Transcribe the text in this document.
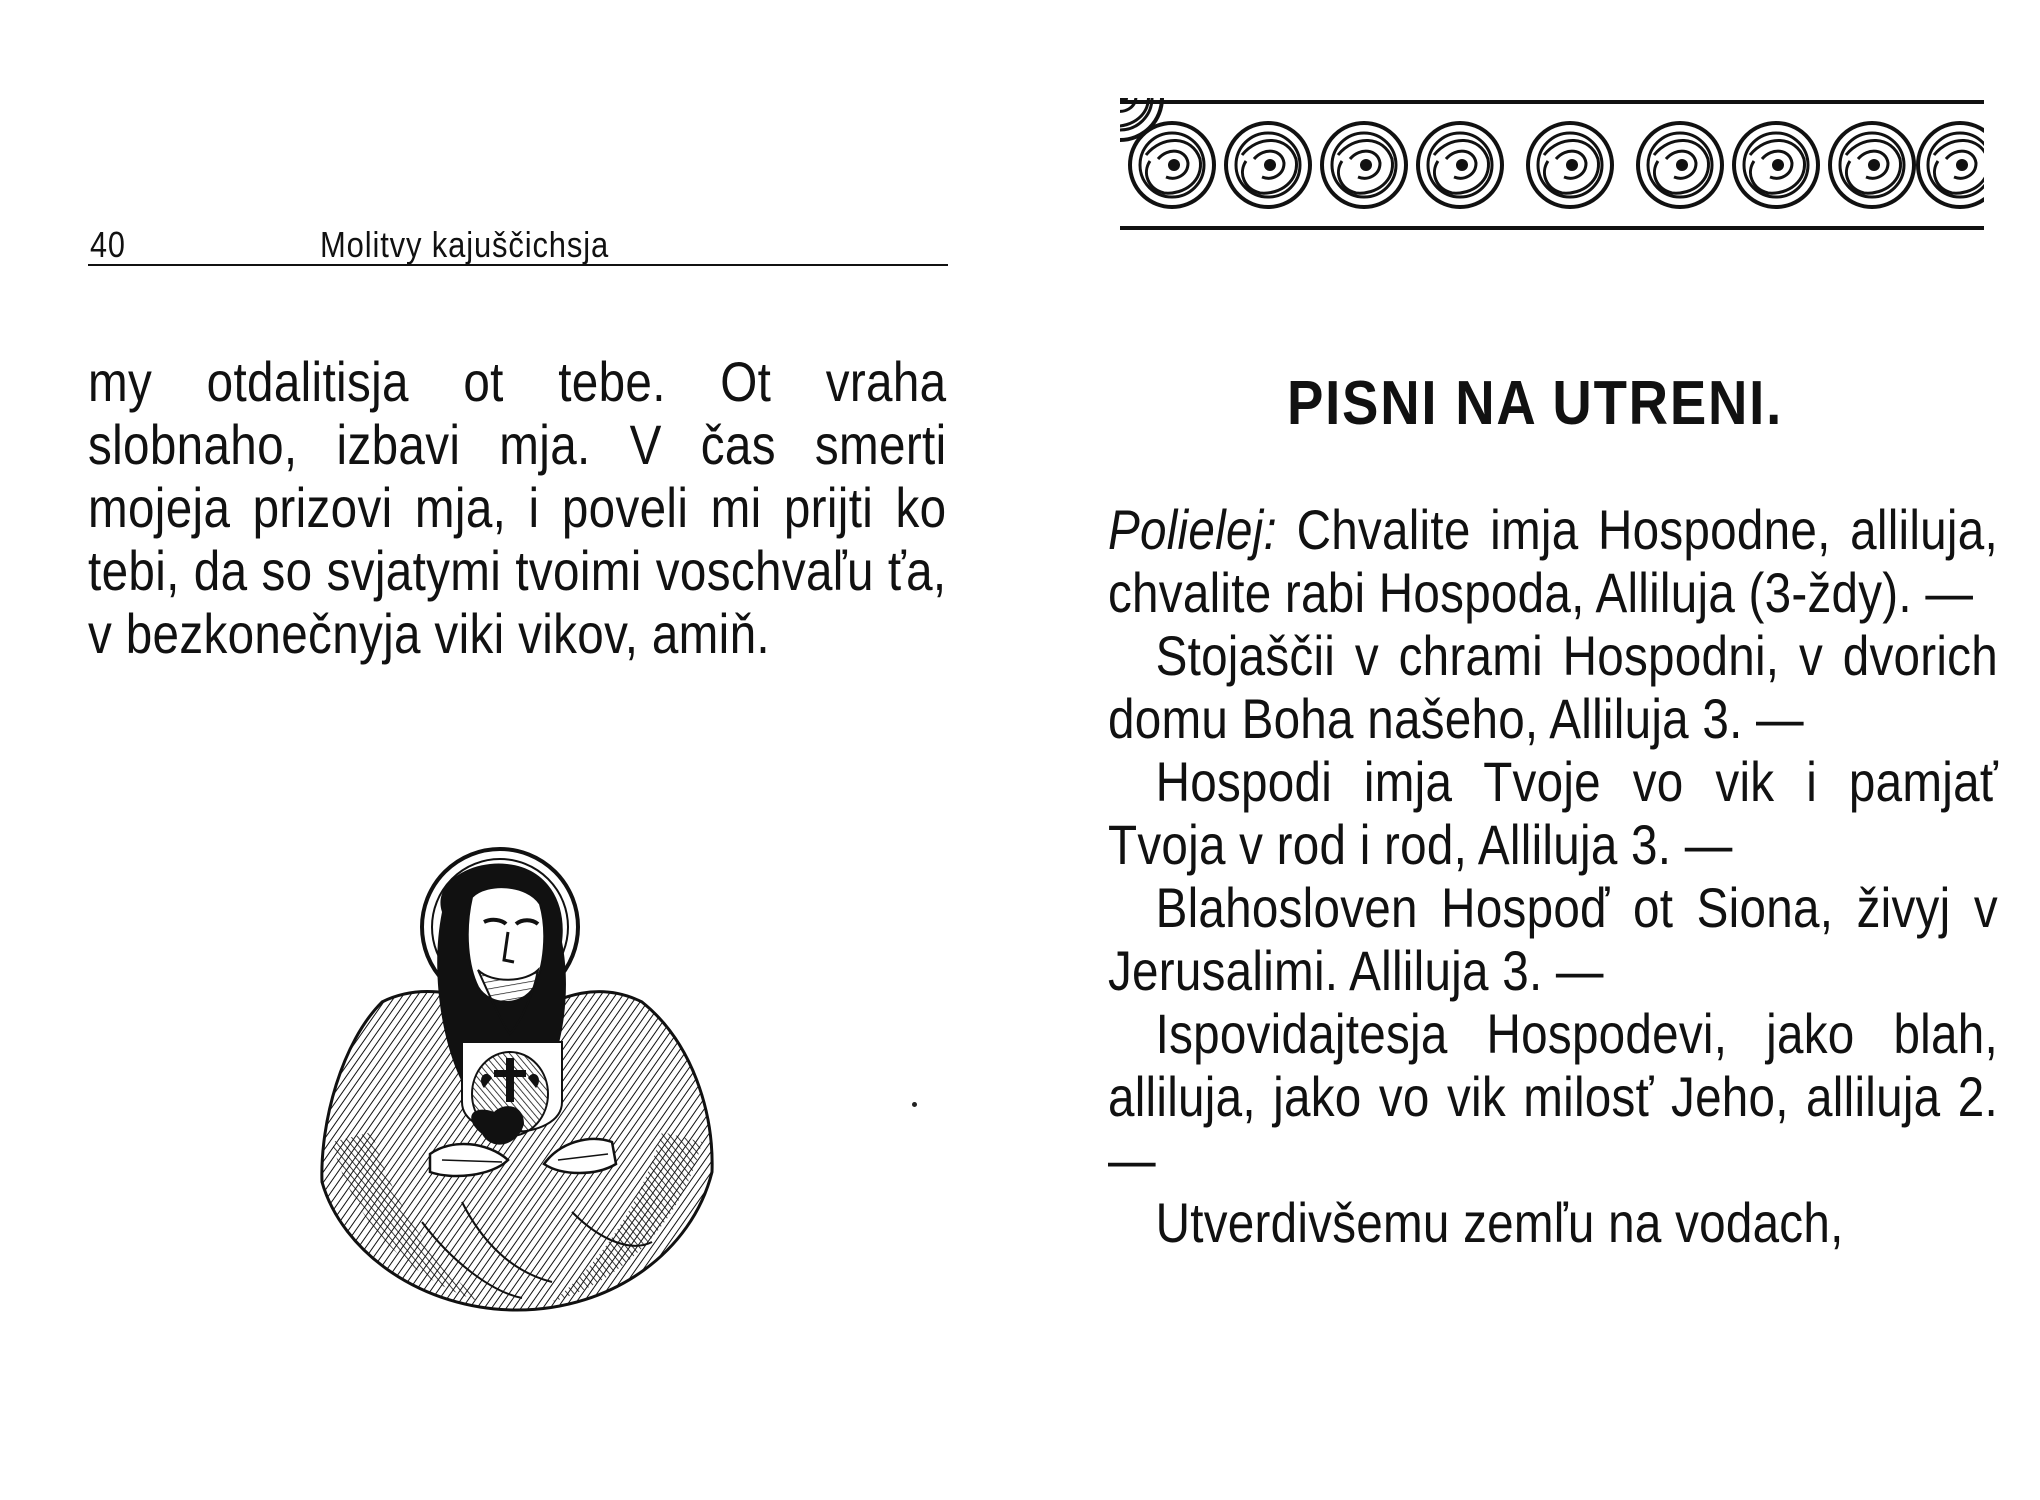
40	Molitvy kajuščichsja

my otdalitisja ot tebe. Ot vraha slobnaho, izbavi mja. V čas smerti mojeja prizovi mja, i poveli mi prijti ko tebi, da so svjatymi tvoimi voschvaľu ťa, v bezkonečnyja viki vikov, amiň.

PISNI NA UTRENI.

Polielej: Chvalite imja Hospodne, alliluja, chvalite rabi Hospoda, Alliluja (3-ždy). —

Stojaščii v chrami Hospodni, v dvorich domu Boha našeho, Alliluja 3. —

Hospodi imja Tvoje vo vik i pamjať Tvoja v rod i rod, Alliluja 3. —

Blahosloven Hospoď ot Siona, živyj v Jerusalimi. Alliluja 3. —

Ispovidajtesja Hospodevi, jako blah, alliluja, jako vo vik milosť Jeho, alliluja 2. —

Utverdivšemu zemľu na vodach,
